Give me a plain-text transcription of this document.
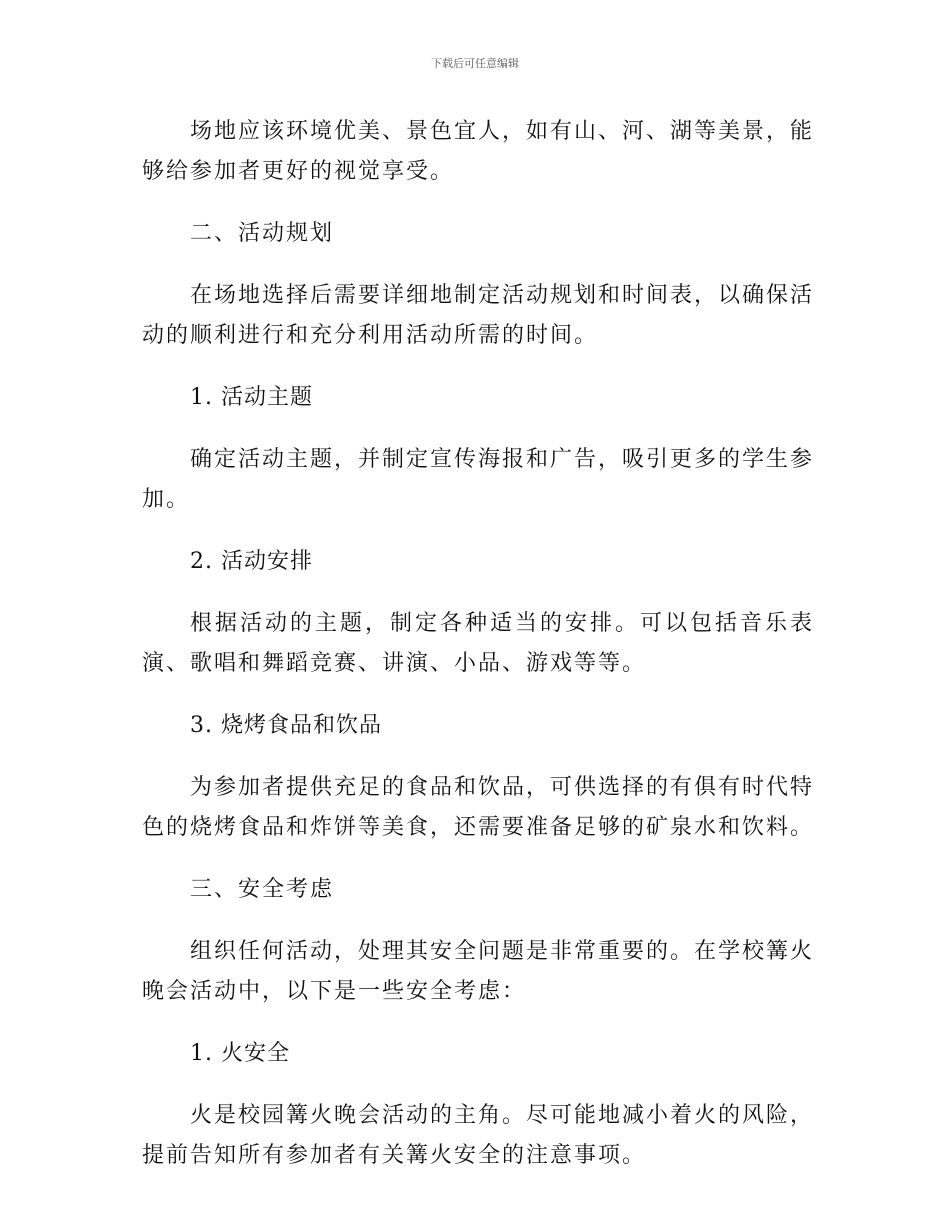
下载后可任意编辑

场地应该环境优美、景色宜人，如有山、河、湖等美景，能够给参加者更好的视觉享受。

二、活动规划

在场地选择后需要详细地制定活动规划和时间表，以确保活动的顺利进行和充分利用活动所需的时间。

1. 活动主题

确定活动主题，并制定宣传海报和广告，吸引更多的学生参加。

2. 活动安排

根据活动的主题，制定各种适当的安排。可以包括音乐表演、歌唱和舞蹈竞赛、讲演、小品、游戏等等。

3. 烧烤食品和饮品

为参加者提供充足的食品和饮品，可供选择的有俱有时代特色的烧烤食品和炸饼等美食，还需要准备足够的矿泉水和饮料。

三、安全考虑

组织任何活动，处理其安全问题是非常重要的。在学校篝火晚会活动中，以下是一些安全考虑：

1. 火安全

火是校园篝火晚会活动的主角。尽可能地减小着火的风险，提前告知所有参加者有关篝火安全的注意事项。
